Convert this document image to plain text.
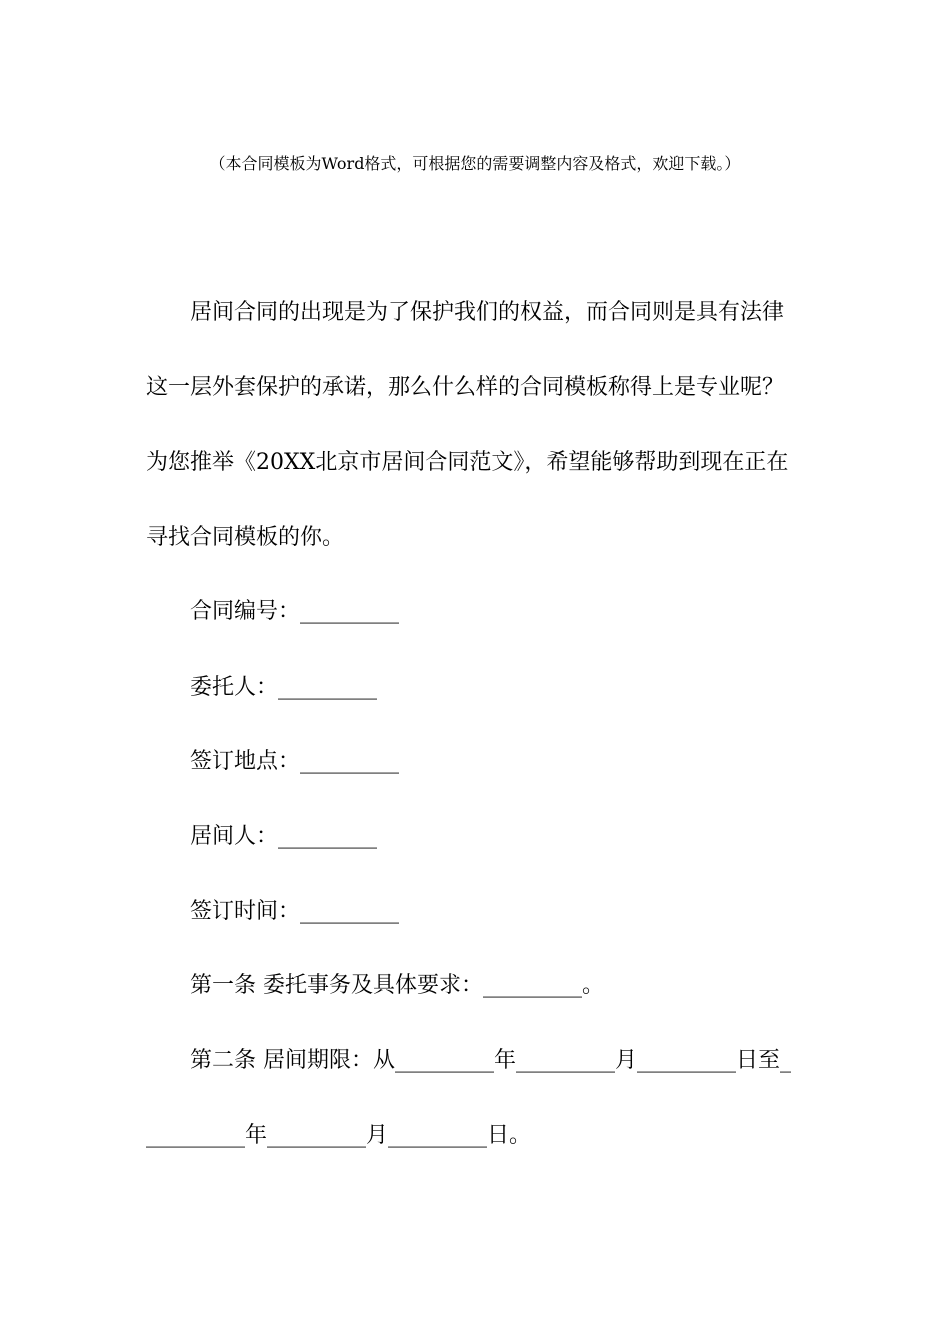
（本合同模板为Word格式，可根据您的需要调整内容及格式，欢迎下载。）
居间合同的出现是为了保护我们的权益，而合同则是具有法律
这一层外套保护的承诺，那么什么样的合同模板称得上是专业呢？
为您推举《20XX北京市居间合同范文》，希望能够帮助到现在正在
寻找合同模板的你。
合同编号：_________
委托人：_________
签订地点：_________
居间人：_________
签订时间：_________
第一条 委托事务及具体要求：_________。
第二条 居间期限：从_________年_________月_________日至_
_________年_________月_________日。
